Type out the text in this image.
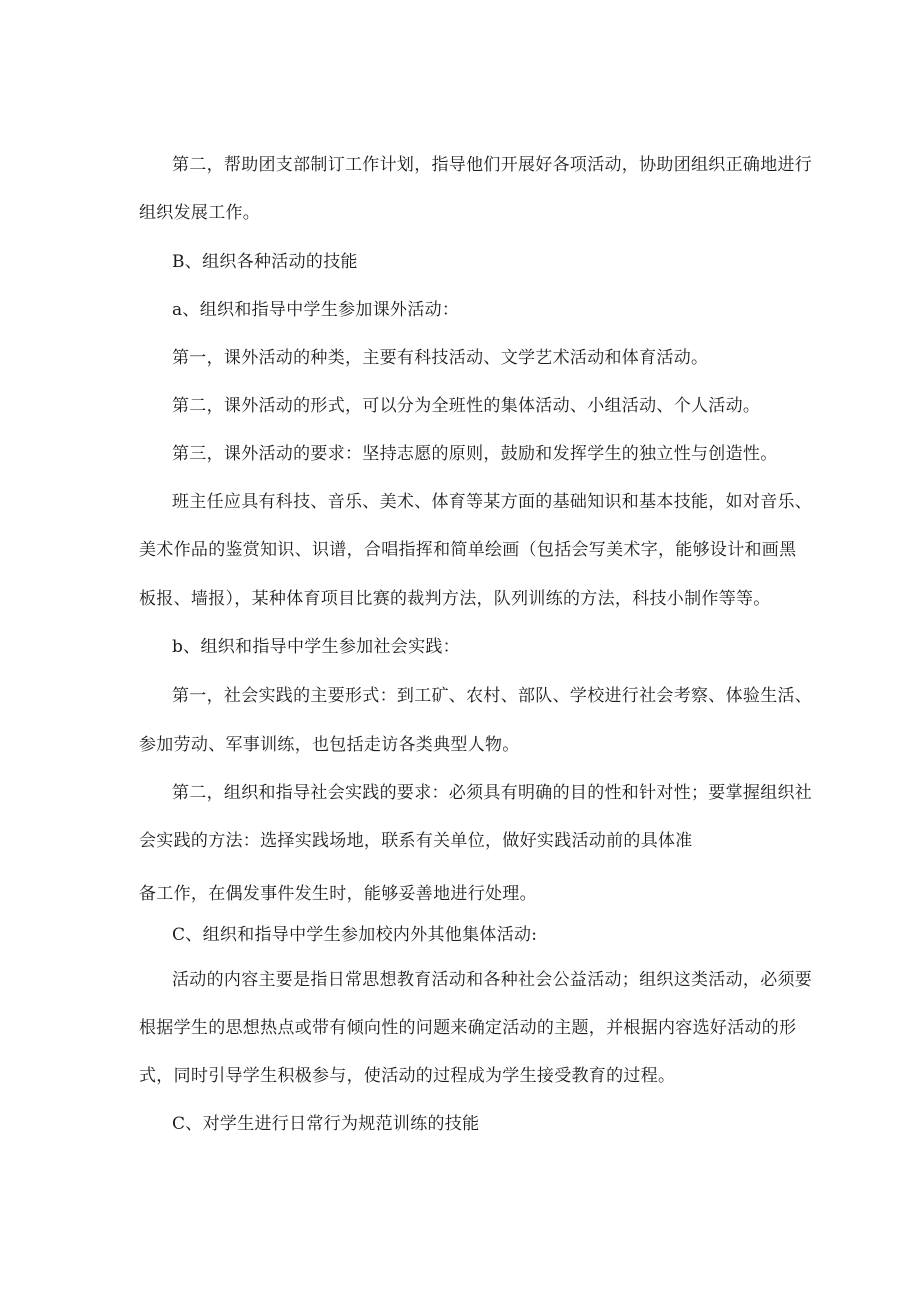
第二，帮助团支部制订工作计划，指导他们开展好各项活动，协助团组织正确地进行
组织发展工作。
B、组织各种活动的技能
a、组织和指导中学生参加课外活动：
第一，课外活动的种类，主要有科技活动、文学艺术活动和体育活动。
第二，课外活动的形式，可以分为全班性的集体活动、小组活动、个人活动。
第三，课外活动的要求：坚持志愿的原则，鼓励和发挥学生的独立性与创造性。
班主任应具有科技、音乐、美术、体育等某方面的基础知识和基本技能，如对音乐、
美术作品的鉴赏知识、识谱，合唱指挥和简单绘画（包括会写美术字，能够设计和画黑
板报、墙报），某种体育项目比赛的裁判方法，队列训练的方法，科技小制作等等。
b、组织和指导中学生参加社会实践：
第一，社会实践的主要形式：到工矿、农村、部队、学校进行社会考察、体验生活、
参加劳动、军事训练，也包括走访各类典型人物。
第二，组织和指导社会实践的要求：必须具有明确的目的性和针对性；要掌握组织社
会实践的方法：选择实践场地，联系有关单位，做好实践活动前的具体准
备工作，在偶发事件发生时，能够妥善地进行处理。
C、组织和指导中学生参加校内外其他集体活动:
活动的内容主要是指日常思想教育活动和各种社会公益活动；组织这类活动，必须要
根据学生的思想热点或带有倾向性的问题来确定活动的主题，并根据内容选好活动的形
式，同时引导学生积极参与，使活动的过程成为学生接受教育的过程。
C、对学生进行日常行为规范训练的技能
